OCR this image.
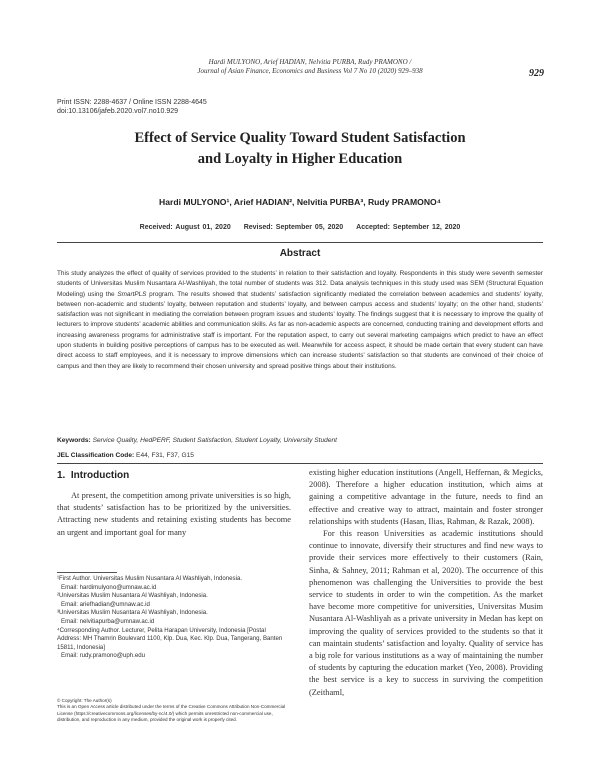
Hardi MULYONO, Arief HADIAN, Nelvitia PURBA, Rudy PRAMONO /
Journal of Asian Finance, Economics and Business Vol 7 No 10 (2020) 929–938	929
Print ISSN: 2288-4637 / Online ISSN 2288-4645
doi:10.13106/jafeb.2020.vol7.no10.929
Effect of Service Quality Toward Student Satisfaction
and Loyalty in Higher Education
Hardi MULYONO¹, Arief HADIAN², Nelvitia PURBA³, Rudy PRAMONO⁴
Received: August 01, 2020 Revised: September 05, 2020 Accepted: September 12, 2020
Abstract
This study analyzes the effect of quality of services provided to the students’ in relation to their satisfaction and loyalty. Respondents in this study were seventh semester students of Universitas Muslim Nusantara Al-Washliyah, the total number of students was 312. Data analysis techniques in this study used was SEM (Structural Equation Modeling) using the SmartPLS program. The results showed that students’ satisfaction significantly mediated the correlation between academics and students’ loyalty, between non-academic and students’ loyalty, between reputation and students’ loyalty, and between campus access and students’ loyalty; on the other hand, students’ satisfaction was not significant in mediating the correlation between program issues and students’ loyalty. The findings suggest that it is necessary to improve the quality of lecturers to improve students’ academic abilities and communication skills. As far as non-academic aspects are concerned, conducting training and development efforts and increasing awareness programs for administrative staff is important. For the reputation aspect, to carry out several marketing campaigns which predict to have an effect upon students in building positive perceptions of campus has to be executed as well. Meanwhile for access aspect, it should be made certain that every student can have direct access to staff employees, and it is necessary to improve dimensions which can increase students’ satisfaction so that students are convinced of their choice of campus and then they are likely to recommend their chosen university and spread positive things about their institutions.
Keywords: Service Quality, HedPERF, Student Satisfaction, Student Loyalty, University Student
JEL Classification Code: E44, F31, F37, G15
1. Introduction

At present, the competition among private universities is so high, that students’ satisfaction has to be prioritized by the universities. Attracting new students and retaining existing students has become an urgent and important goal for many

existing higher education institutions (Angell, Heffernan, & Megicks, 2008). Therefore a higher education institution, which aims at gaining a competitive advantage in the future, needs to find an effective and creative way to attract, maintain and foster stronger relationships with students (Hasan, Ilias, Rahman, & Razak, 2008).

For this reason Universities as academic institutions should continue to innovate, diversify their structures and find new ways to provide their services more effectively to their customers (Rain, Sinha, & Sahney, 2011; Rahman et al, 2020). The occurrence of this phenomenon was challenging the Universities to provide the best service to students in order to win the competition. As the market have become more competitive for universities, Universitas Musim Nusantara Al-Washliyah as a private university in Medan has kept on improving the quality of services provided to the students so that it can maintain students’ satisfaction and loyalty. Quality of service has a big role for various institutions as a way of maintaining the number of students by capturing the education market (Yeo, 2008). Providing the best service is a key to success in surviving the competition (Zeithaml,

¹First Author. Universitas Muslim Nusantara Al Washliyah, Indonesia.

Email: hardimulyono@umnaw.ac.id

²Universitas Muslim Nusantara Al Washliyah, Indonesia.

Email: ariefhadian@umnaw.ac.id

³Universitas Muslim Nusantara Al Washliyah, Indonesia.

Email: nelvitiapurba@umnaw.ac.id

⁴Corresponding Author. Lecturer, Pelita Harapan University, Indonesia [Postal Address: MH Thamrin Boulevard 1100, Klp. Dua, Kec. Klp. Dua, Tangerang, Banten 15811, Indonesia]

Email: rudy.pramono@uph.edu

© Copyright: The Author(s)

This is an Open Access article distributed under the terms of the Creative Commons Attribution Non-Commercial License (https://creativecommons.org/licenses/by-nc/4.0/) which permits unrestricted non-commercial use, distribution, and reproduction in any medium, provided the original work is properly cited.
